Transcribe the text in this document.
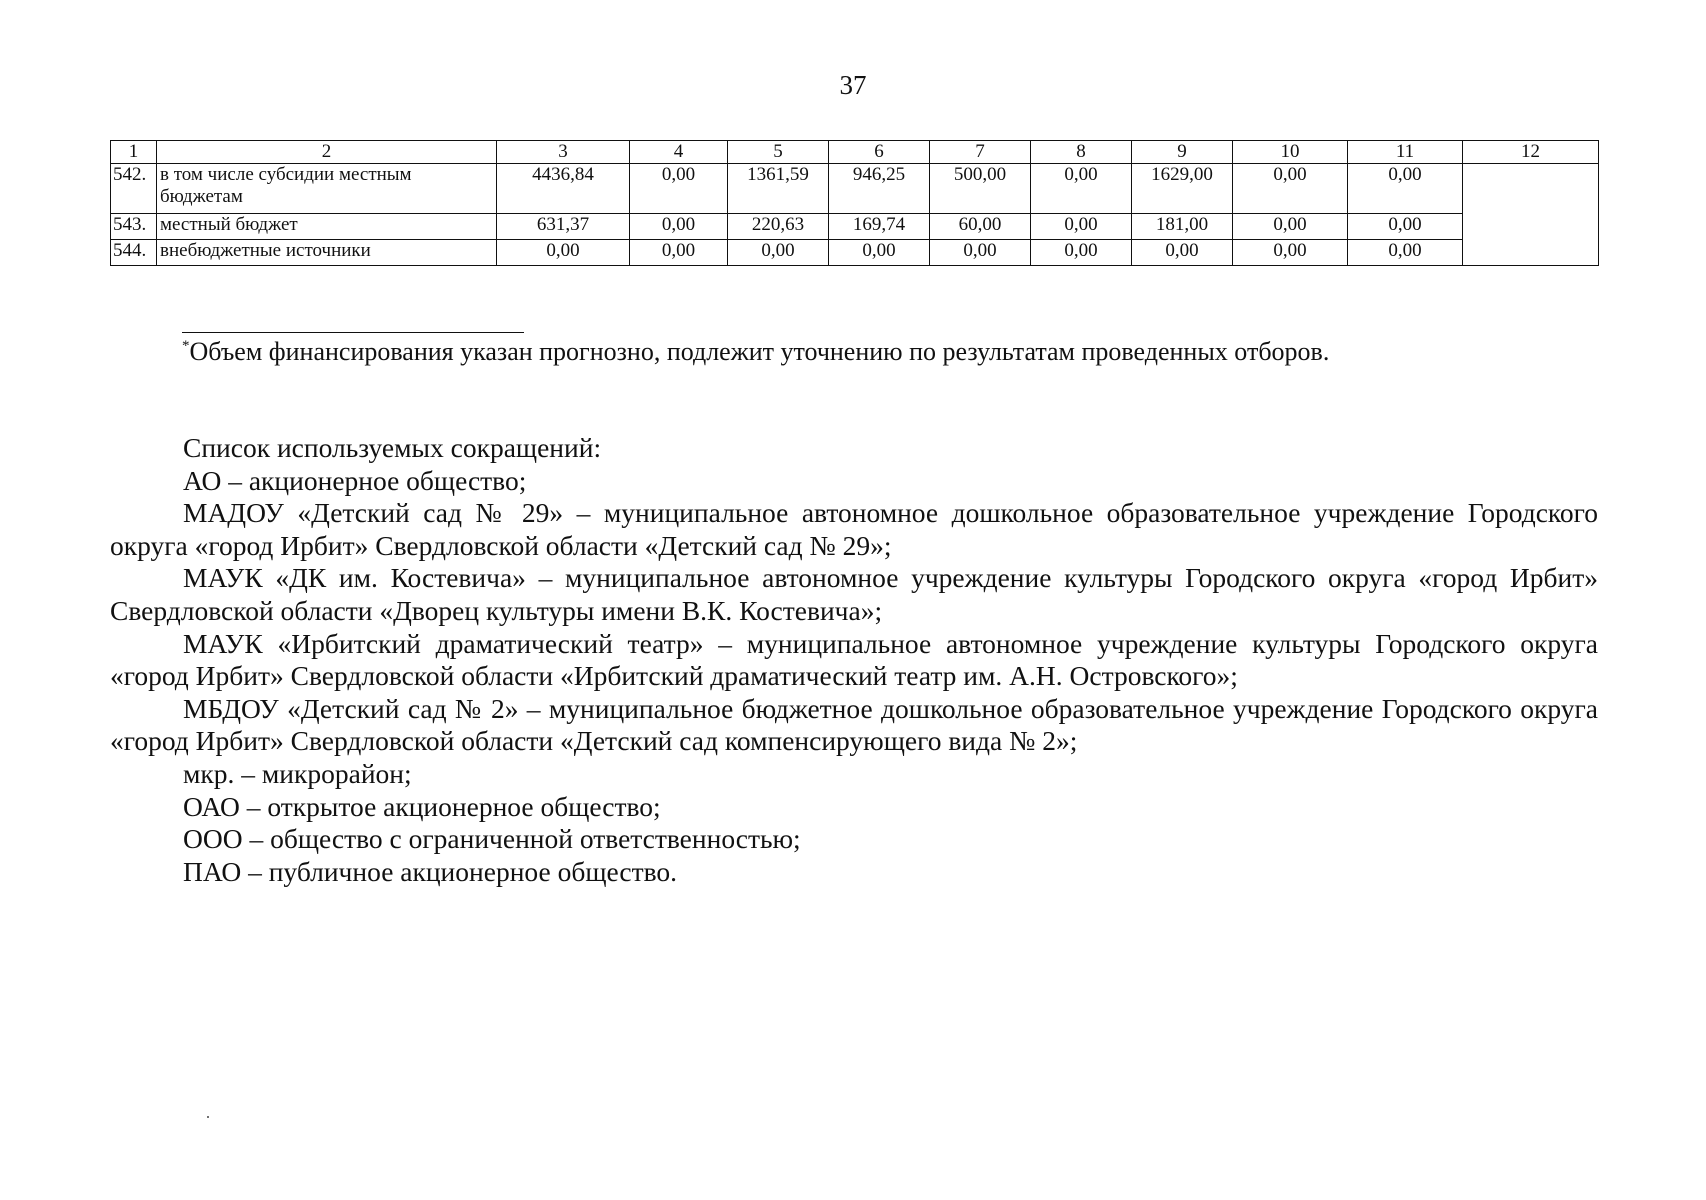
37
1	2	3	4	5	6	7	8	9	10	11	12
542.	в том числе субсидии местным бюджетам	4436,84	0,00	1361,59	946,25	500,00	0,00	1629,00	0,00	0,00	
543.	местный бюджет	631,37	0,00	220,63	169,74	60,00	0,00	181,00	0,00	0,00	
544.	внебюджетные источники	0,00	0,00	0,00	0,00	0,00	0,00	0,00	0,00	0,00	
*Объем финансирования указан прогнозно, подлежит уточнению по результатам проведенных отборов.

Список используемых сокращений:

АО – акционерное общество;

МАДОУ «Детский сад № 29» – муниципальное автономное дошкольное образовательное учреждение Городского округа «город Ирбит» Свердловской области «Детский сад № 29»;

МАУК «ДК им. Костевича» – муниципальное автономное учреждение культуры Городского округа «город Ирбит» Свердловской области «Дворец культуры имени В.К. Костевича»;

МАУК «Ирбитский драматический театр» – муниципальное автономное учреждение культуры Городского округа «город Ирбит» Свердловской области «Ирбитский драматический театр им. А.Н. Островского»;

МБДОУ «Детский сад № 2» – муниципальное бюджетное дошкольное образовательное учреждение Городского округа «город Ирбит» Свердловской области «Детский сад компенсирующего вида № 2»;

мкр. – микрорайон;

ОАО – открытое акционерное общество;

ООО – общество с ограниченной ответственностью;

ПАО – публичное акционерное общество.
